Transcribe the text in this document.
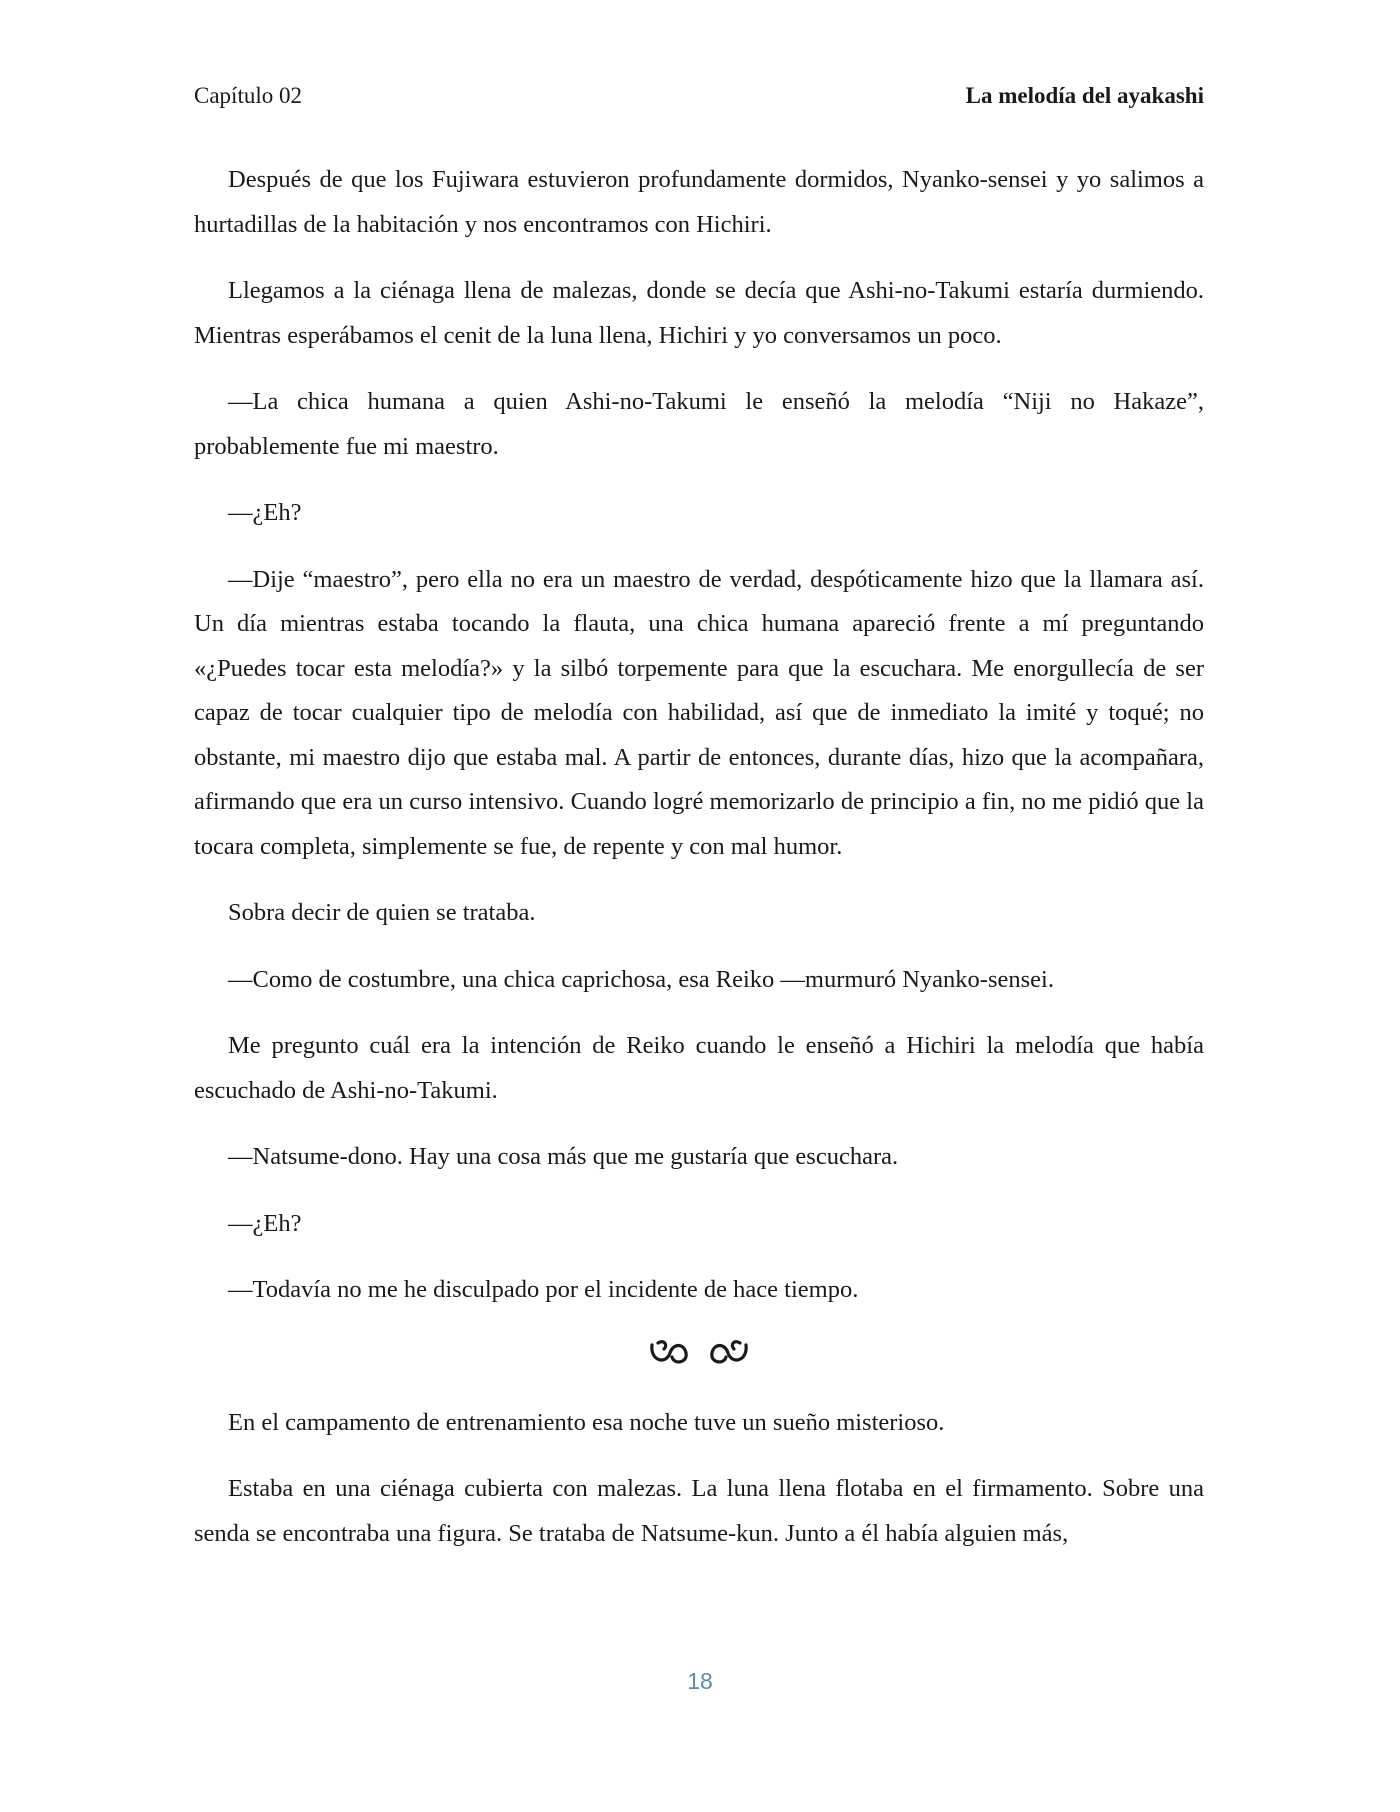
Capítulo 02	La melodía del ayakashi

Después de que los Fujiwara estuvieron profundamente dormidos, Nyanko-sensei y yo salimos a hurtadillas de la habitación y nos encontramos con Hichiri.

Llegamos a la ciénaga llena de malezas, donde se decía que Ashi-no-Takumi estaría durmiendo. Mientras esperábamos el cenit de la luna llena, Hichiri y yo conversamos un poco.

—La chica humana a quien Ashi-no-Takumi le enseñó la melodía “Niji no Hakaze”, probablemente fue mi maestro.

—¿Eh?

—Dije “maestro”, pero ella no era un maestro de verdad, despóticamente hizo que la llamara así. Un día mientras estaba tocando la flauta, una chica humana apareció frente a mí preguntando «¿Puedes tocar esta melodía?» y la silbó torpemente para que la escuchara. Me enorgullecía de ser capaz de tocar cualquier tipo de melodía con habilidad, así que de inmediato la imité y toqué; no obstante, mi maestro dijo que estaba mal. A partir de entonces, durante días, hizo que la acompañara, afirmando que era un curso intensivo. Cuando logré memorizarlo de principio a fin, no me pidió que la tocara completa, simplemente se fue, de repente y con mal humor.

Sobra decir de quien se trataba.

—Como de costumbre, una chica caprichosa, esa Reiko —murmuró Nyanko-sensei.

Me pregunto cuál era la intención de Reiko cuando le enseñó a Hichiri la melodía que había escuchado de Ashi-no-Takumi.

—Natsume-dono. Hay una cosa más que me gustaría que escuchara.

—¿Eh?

—Todavía no me he disculpado por el incidente de hace tiempo.

En el campamento de entrenamiento esa noche tuve un sueño misterioso.

Estaba en una ciénaga cubierta con malezas. La luna llena flotaba en el firmamento. Sobre una senda se encontraba una figura. Se trataba de Natsume-kun. Junto a él había alguien más,

18
